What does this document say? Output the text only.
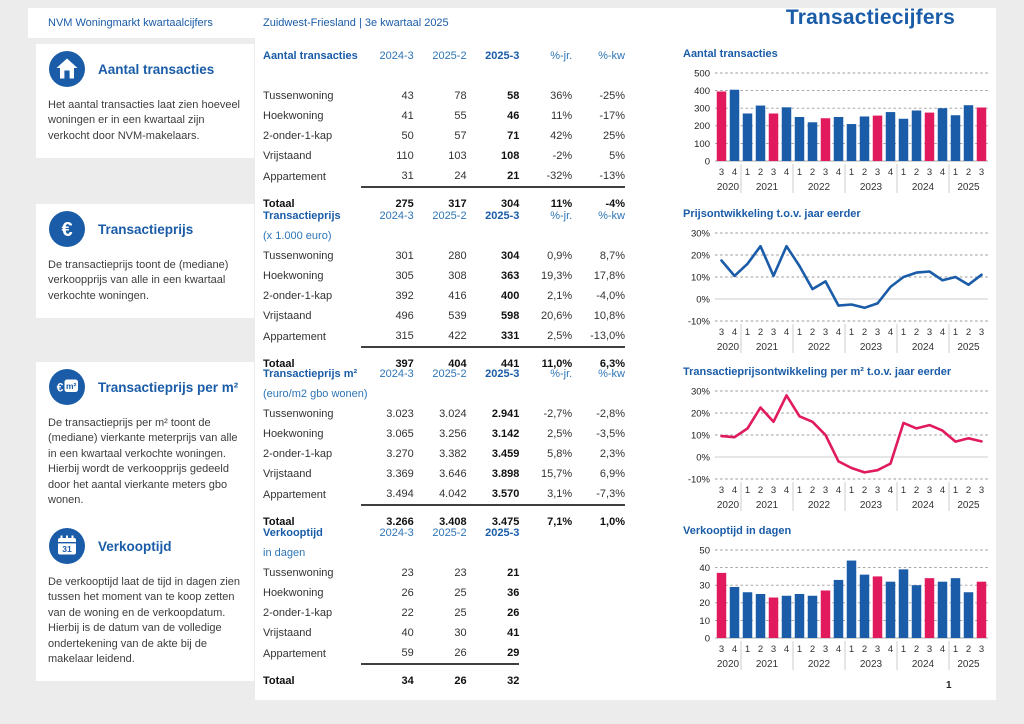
NVM Woningmarkt kwartaalcijfers	Zuidwest-Friesland | 3e kwartaal 2025	Transactiecijfers
Aantal transacties
Het aantal transacties laat zien hoeveel woningen er in een kwartaal zijn verkocht door NVM-makelaars.
Aantal transacties	2024-3	2025-2	2025-3	%-jr.	%-kw

Tussenwoning	43	78	58	36%	-25%
Hoekwoning	41	55	46	11%	-17%
2-onder-1-kap	50	57	71	42%	25%
Vrijstaand	110	103	108	-2%	5%
Appartement	31	24	21	-32%	-13%
Totaal	275	317	304	11%	-4%
Aantal transacties
500
400
300
200
100
0
3 4 1 2 3 4 1 2 3 4 1 2 3 4 1 2 3 4 1 2 3
2020 2021	2022	2023	2024 2025
€ Transactieprijs
De transactieprijs toont de (mediane) verkoopprijs van alle in een kwartaal verkochte woningen.
Transactieprijs	2024-3	2025-2	2025-3	%-jr.	%-kw
(x 1.000 euro)					
Tussenwoning	301	280	304	0,9%	8,7%
Hoekwoning	305	308	363	19,3%	17,8%
2-onder-1-kap	392	416	400	2,1%	-4,0%
Vrijstaand	496	539	598	20,6%	10,8%
Appartement	315	422	331	2,5%	-13,0%
Totaal	397	404	441	11,0%	6,3%
Prijsontwikkeling t.o.v. jaar eerder
30%
20%
10%
0%
-10%
3 4 1 2 3 4 1 2 3 4 1 2 3 4 1 2 3 4 1 2 3
2020 2021	2022	2023	2024 2025
€ m² Transactieprijs per m²
De transactieprijs per m² toont de (mediane) vierkante meterprijs van alle in een kwartaal verkochte woningen. Hierbij wordt de verkoopprijs gedeeld door het aantal vierkante meters gbo wonen.
Transactieprijs m²	2024-3	2025-2	2025-3	%-jr.	%-kw
(euro/m2 gbo wonen)					
Tussenwoning	3.023	3.024	2.941	-2,7%	-2,8%
Hoekwoning	3.065	3.256	3.142	2,5%	-3,5%
2-onder-1-kap	3.270	3.382	3.459	5,8%	2,3%
Vrijstaand	3.369	3.646	3.898	15,7%	6,9%
Appartement	3.494	4.042	3.570	3,1%	-7,3%
Totaal	3.266	3.408	3.475	7,1%	1,0%
Transactieprijsontwikkeling per m² t.o.v. jaar eerder
30%
20%
10%
0%
-10%
3 4 1 2 3 4 1 2 3 4 1 2 3 4 1 2 3 4 1 2 3
2020 2021	2022	2023	2024 2025
31 Verkooptijd
De verkooptijd laat de tijd in dagen zien tussen het moment van te koop zetten van de woning en de verkoopdatum. Hierbij is de datum van de volledige ondertekening van de akte bij de makelaar leidend.
Verkooptijd	2024-3	2025-2	2025-3
in dagen			
Tussenwoning	23	23	21
Hoekwoning	26	25	36
2-onder-1-kap	22	25	26
Vrijstaand	40	30	41
Appartement	59	26	29
Totaal	34	26	32
Verkooptijd in dagen
50
40
30
20
10
0
3 4 1 2 3 4 1 2 3 4 1 2 3 4 1 2 3 4 1 2 3
2020 2021	2022	2023	2024 2025
1
